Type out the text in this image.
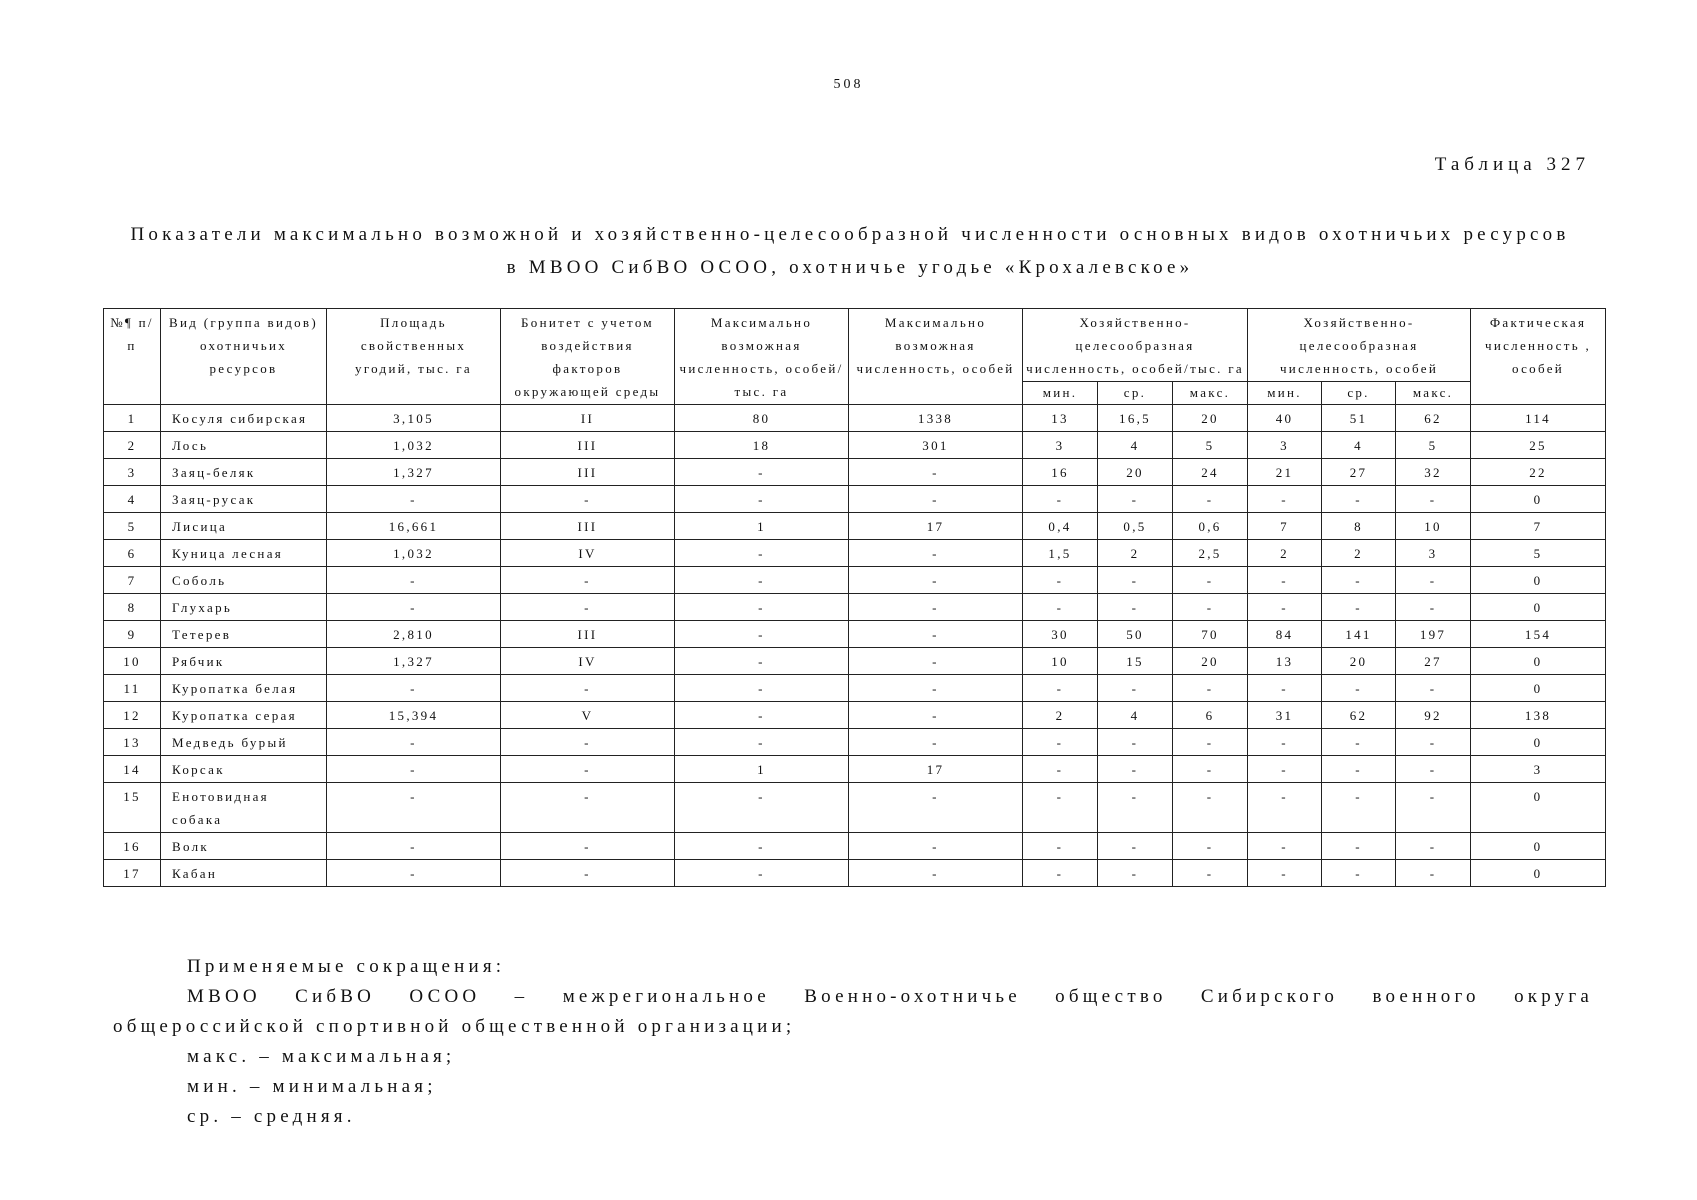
508
Таблица 327
Показатели максимально возможной и хозяйственно-целесообразной численности основных видов охотничьих ресурсов
в МВОО СибВО ОСОО, охотничье угодье «Крохалевское»
№¶ п/п	Вид (группа видов) охотничьих ресурсов	Площадь свойственных угодий, тыс. га	Бонитет с учетом воздействия факторов окружающей среды	Максимально возможная численность, особей/тыс. га	Максимально возможная численность, особей	Хозяйственно-целесообразная численность, особей/тыс. га			Хозяйственно-целесообразная численность, особей			Фактическая численность , особей
						мин.	ср.	макс.	мин.	ср.	макс.	
1	Косуля сибирская	3,105	II	80	1338	13	16,5	20	40	51	62	114
2	Лось	1,032	III	18	301	3	4	5	3	4	5	25
3	Заяц-беляк	1,327	III	-	-	16	20	24	21	27	32	22
4	Заяц-русак	-	-	-	-	-	-	-	-	-	-	0
5	Лисица	16,661	III	1	17	0,4	0,5	0,6	7	8	10	7
6	Куница лесная	1,032	IV	-	-	1,5	2	2,5	2	2	3	5
7	Соболь	-	-	-	-	-	-	-	-	-	-	0
8	Глухарь	-	-	-	-	-	-	-	-	-	-	0
9	Тетерев	2,810	III	-	-	30	50	70	84	141	197	154
10	Рябчик	1,327	IV	-	-	10	15	20	13	20	27	0
11	Куропатка белая	-	-	-	-	-	-	-	-	-	-	0
12	Куропатка серая	15,394	V	-	-	2	4	6	31	62	92	138
13	Медведь бурый	-	-	-	-	-	-	-	-	-	-	0
14	Корсак	-	-	1	17	-	-	-	-	-	-	3
15	Енотовидная собака	-	-	-	-	-	-	-	-	-	-	0
16	Волк	-	-	-	-	-	-	-	-	-	-	0
17	Кабан	-	-	-	-	-	-	-	-	-	-	0

Применяемые сокращения:

МВОО СибВО ОСОО – межрегиональное Военно-охотничье общество Сибирского военного округа

общероссийской спортивной общественной организации;

макс. – максимальная;

мин. – минимальная;

ср. – средняя.
